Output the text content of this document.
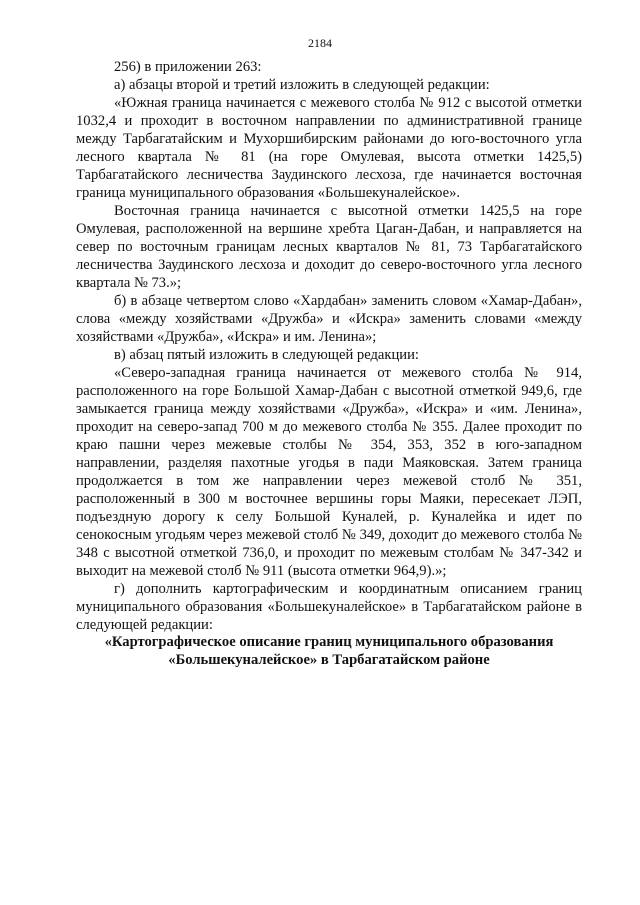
2184

256) в приложении 263:

а) абзацы второй и третий изложить в следующей редакции:

«Южная граница начинается с межевого столба № 912 с высотой отметки 1032,4 и проходит в восточном направлении по административной границе между Тарбагатайским и Мухоршибирским районами до юго-восточного угла лесного квартала № 81 (на горе Омулевая, высота отметки 1425,5) Тарбагатайского лесничества Заудинского лесхоза, где начинается восточная граница муниципального образования «Большекуналейское».

Восточная граница начинается с высотной отметки 1425,5 на горе Омулевая, расположенной на вершине хребта Цаган-Дабан, и направляется на север по восточным границам лесных кварталов № 81, 73 Тарбагатайского лесничества Заудинского лесхоза и доходит до северо-восточного угла лесного квартала № 73.»;

б) в абзаце четвертом слово «Хардабан» заменить словом «Хамар-Дабан», слова «между хозяйствами «Дружба» и «Искра» заменить словами «между хозяйствами «Дружба», «Искра» и им. Ленина»;

в) абзац пятый изложить в следующей редакции:

«Северо-западная граница начинается от межевого столба № 914, расположенного на горе Большой Хамар-Дабан с высотной отметкой 949,6, где замыкается граница между хозяйствами «Дружба», «Искра» и «им. Ленина», проходит на северо-запад 700 м до межевого столба № 355. Далее проходит по краю пашни через межевые столбы № 354, 353, 352 в юго-западном направлении, разделяя пахотные угодья в пади Маяковская. Затем граница продолжается в том же направлении через межевой столб № 351, расположенный в 300 м восточнее вершины горы Маяки, пересекает ЛЭП, подъездную дорогу к селу Большой Куналей, р. Куналейка и идет по сенокосным угодьям через межевой столб № 349, доходит до межевого столба № 348 с высотной отметкой 736,0, и проходит по межевым столбам № 347-342 и выходит на межевой столб № 911 (высота отметки 964,9).»;

г) дополнить картографическим и координатным описанием границ муниципального образования «Большекуналейское» в Тарбагатайском районе в следующей редакции:

«Картографическое описание границ муниципального образования
«Большекуналейское» в Тарбагатайском районе
